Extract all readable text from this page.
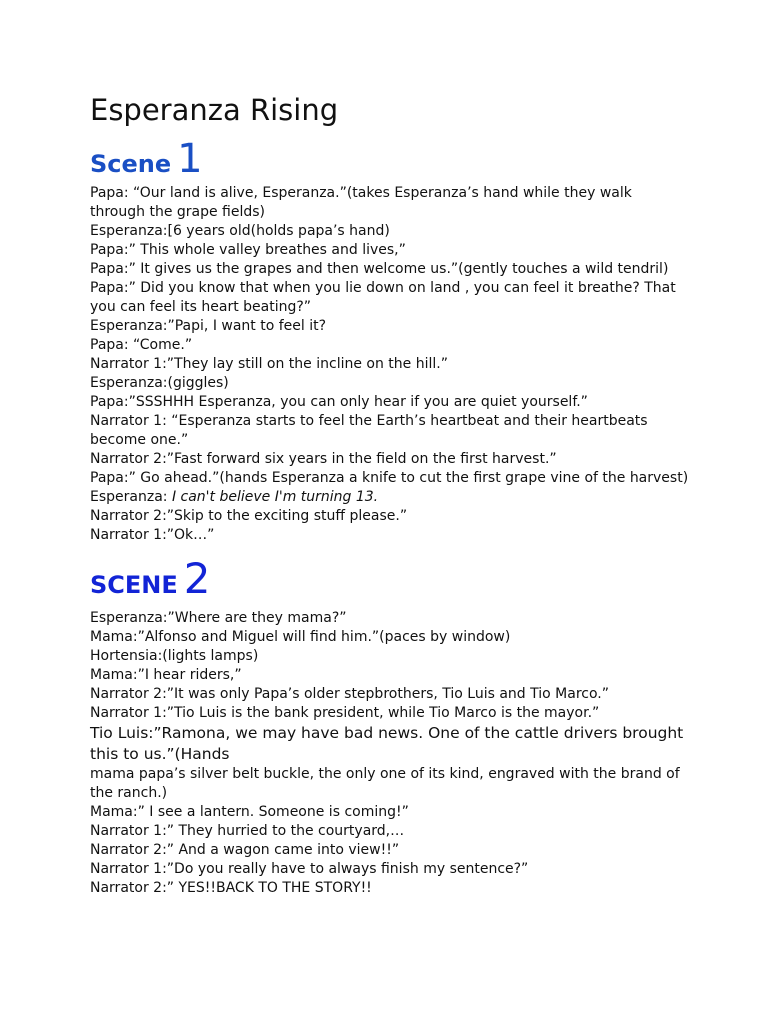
Esperanza Rising
Scene 1

Papa: “Our land is alive, Esperanza.”(takes Esperanza’s hand while they walk through the grape fields)

Esperanza:[6 years old(holds papa’s hand)

Papa:” This whole valley breathes and lives,”

Papa:” It gives us the grapes and then welcome us.”(gently touches a wild tendril)

Papa:” Did you know that when you lie down on land , you can feel it breathe? That you can feel its heart beating?”

Esperanza:”Papi, I want to feel it?

Papa: “Come.”

Narrator 1:”They lay still on the incline on the hill.”

Esperanza:(giggles)

Papa:”SSSHHH Esperanza, you can only hear if you are quiet yourself.”

Narrator 1: “Esperanza starts to feel the Earth’s heartbeat and their heartbeats become one.”

Narrator 2:”Fast forward six years in the field on the first harvest.”

Papa:” Go ahead.”(hands Esperanza a knife to cut the first grape vine of the harvest)

Esperanza: I can't believe I'm turning 13.

Narrator 2:”Skip to the exciting stuff please.”

Narrator 1:”Ok…”

SCENE 2

Esperanza:”Where are they mama?”

Mama:”Alfonso and Miguel will find him.”(paces by window)

Hortensia:(lights lamps)

Mama:”I hear riders,”

Narrator 2:”It was only Papa’s older stepbrothers, Tio Luis and Tio Marco.”

Narrator 1:”Tio Luis is the bank president, while Tio Marco is the mayor.”

Tio Luis:”Ramona, we may have bad news. One of the cattle drivers brought this to us.”(Hands

mama papa’s silver belt buckle, the only one of its kind, engraved with the brand of the ranch.)

Mama:” I see a lantern. Someone is coming!”

Narrator 1:” They hurried to the courtyard,…

Narrator 2:” And a wagon came into view!!”

Narrator 1:”Do you really have to always finish my sentence?”

Narrator 2:” YES!!BACK TO THE STORY!!
